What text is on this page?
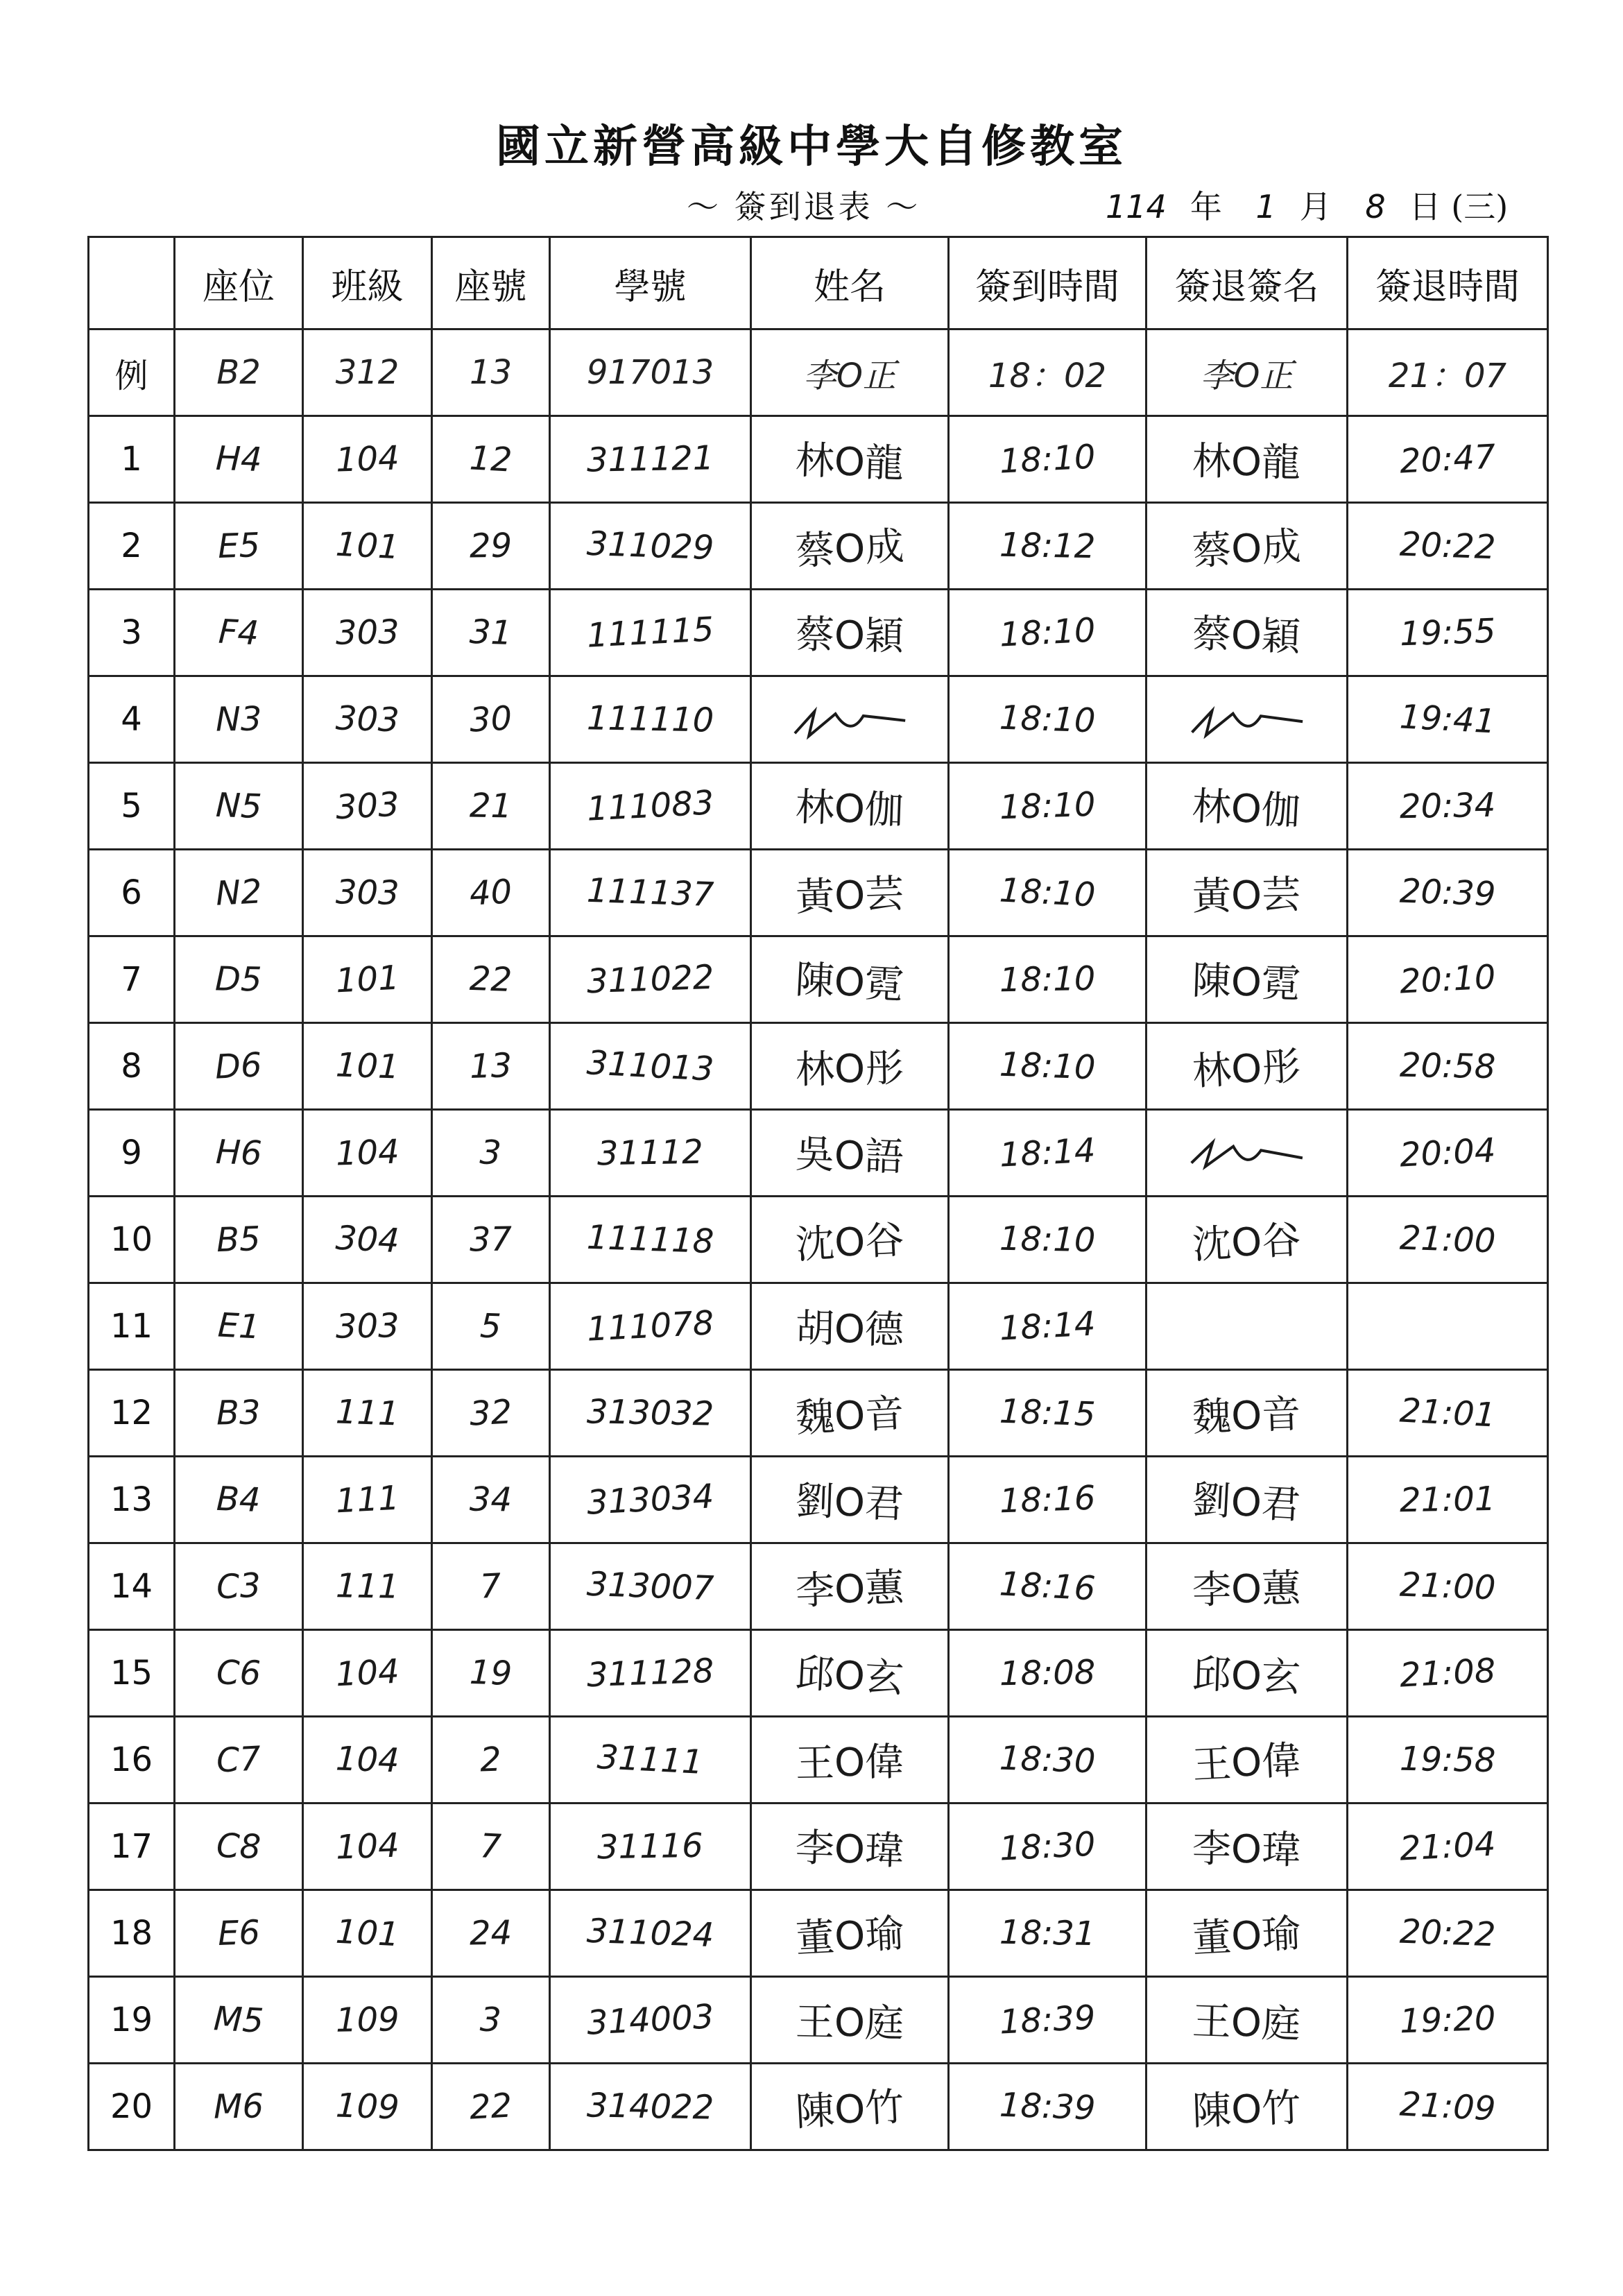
國立新營高級中學大自修教室
～ 簽到退表 ～	114 年 1 月 8 日 (三)
	座位	班級	座號	學號	姓名	簽到時間	簽退簽名	簽退時間
例	B2	312	13	917013	李O正	18：02	李O正	21：07
1	H4	104	12	311121	林O龍	18:10	林O龍	20:47
2	E5	101	29	311029	蔡O成	18:12	蔡O成	20:22
3	F4	303	31	111115	蔡O穎	18:10	蔡O穎	19:55
4	N3	303	30	111110		18:10		19:41
5	N5	303	21	111083	林O伽	18:10	林O伽	20:34
6	N2	303	40	111137	黃O芸	18:10	黃O芸	20:39
7	D5	101	22	311022	陳O霓	18:10	陳O霓	20:10
8	D6	101	13	311013	林O彤	18:10	林O彤	20:58
9	H6	104	3	31112	吳O語	18:14		20:04
10	B5	304	37	111118	沈O谷	18:10	沈O谷	21:00
11	E1	303	5	111078	胡O德	18:14		
12	B3	111	32	313032	魏O音	18:15	魏O音	21:01
13	B4	111	34	313034	劉O君	18:16	劉O君	21:01
14	C3	111	7	313007	李O蕙	18:16	李O蕙	21:00
15	C6	104	19	311128	邱O玄	18:08	邱O玄	21:08
16	C7	104	2	31111	王O偉	18:30	王O偉	19:58
17	C8	104	7	31116	李O瑋	18:30	李O瑋	21:04
18	E6	101	24	311024	董O瑜	18:31	董O瑜	20:22
19	M5	109	3	314003	王O庭	18:39	王O庭	19:20
20	M6	109	22	314022	陳O竹	18:39	陳O竹	21:09
